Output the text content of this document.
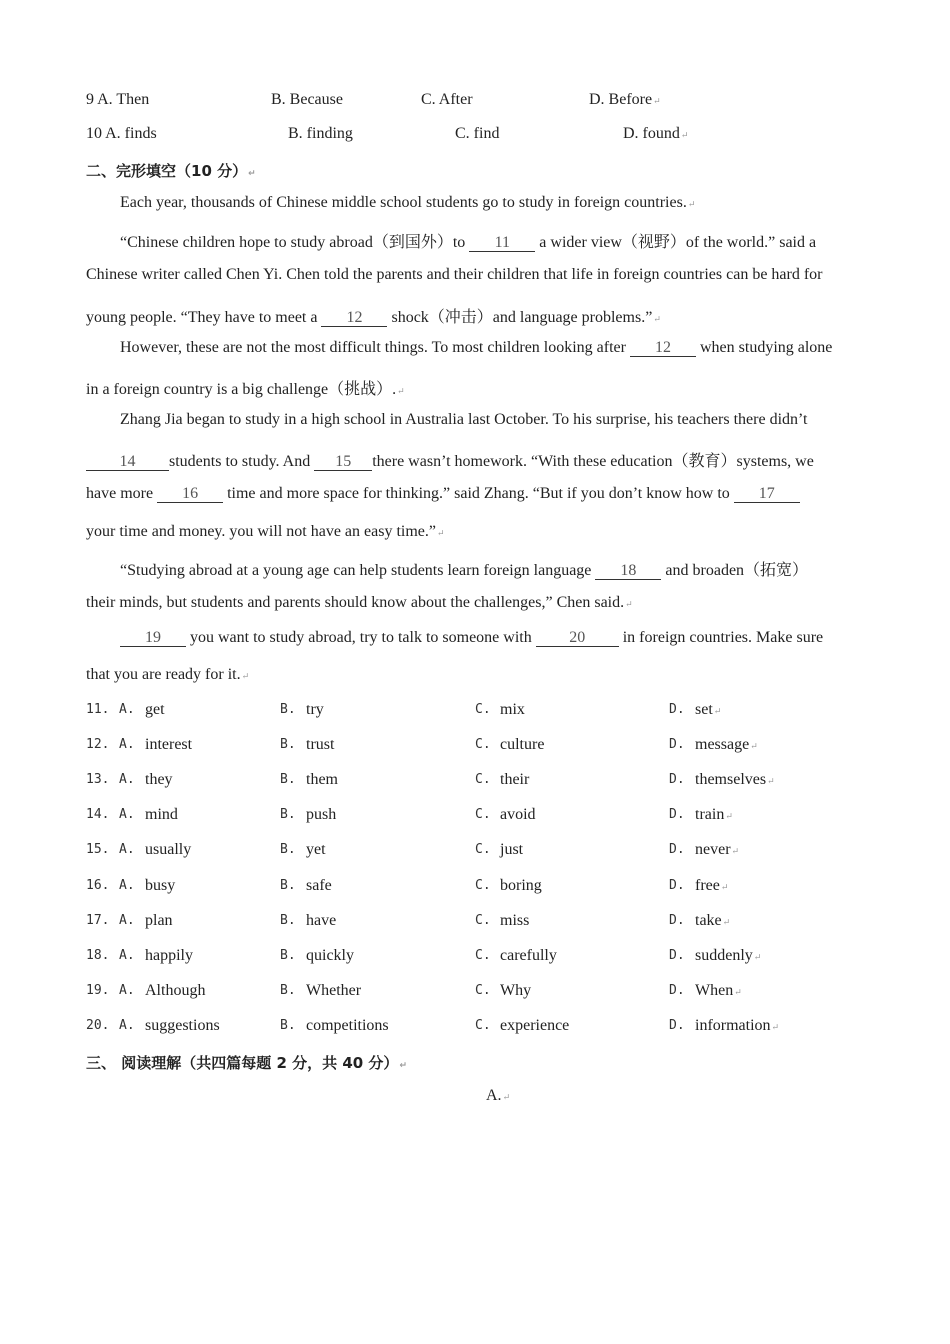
9 A. Then	B. Because	C. After	D. Before↵
10 A. finds	B. finding	C. find	D. found↵
二、完形填空（10 分）↵
Each year, thousands of Chinese middle school students go to study in foreign countries.↵
“Chinese children hope to study abroad（到国外）to 11 a wider view（视野）of the world.” said a
Chinese writer called Chen Yi. Chen told the parents and their children that life in foreign countries can be hard for
young people. “They have to meet a 12 shock（冲击）and language problems.”↵
However, these are not the most difficult things. To most children looking after 12 when studying alone
in a foreign country is a big challenge（挑战）.↵
Zhang Jia began to study in a high school in Australia last October. To his surprise, his teachers there didn’t
14 students to study. And 15 there wasn’t homework. “With these education（教育）systems, we
have more 16 time and more space for thinking.” said Zhang. “But if you don’t know how to 17
your time and money. you will not have an easy time.”↵
“Studying abroad at a young age can help students learn foreign language 18 and broaden（拓宽）
their minds, but students and parents should know about the challenges,” Chen said.↵
19 you want to study abroad, try to talk to someone with 20 in foreign countries. Make sure
that you are ready for it.↵
11. A. get	B. try	C. mix	D. set↵
12. A. interest	B. trust	C. culture	D. message↵
13. A. they	B. them	C. their	D. themselves↵
14. A. mind	B. push	C. avoid	D. train↵
15. A. usually	B. yet	C. just	D. never↵
16. A. busy	B. safe	C. boring	D. free↵
17. A. plan	B. have	C. miss	D. take↵
18. A. happily	B. quickly	C. carefully	D. suddenly↵
19. A. Although	B. Whether	C. Why	D. When↵
20. A. suggestions	B. competitions	C. experience	D. information↵
三、 阅读理解（共四篇每题 2 分，共 40 分）↵
A.↵
